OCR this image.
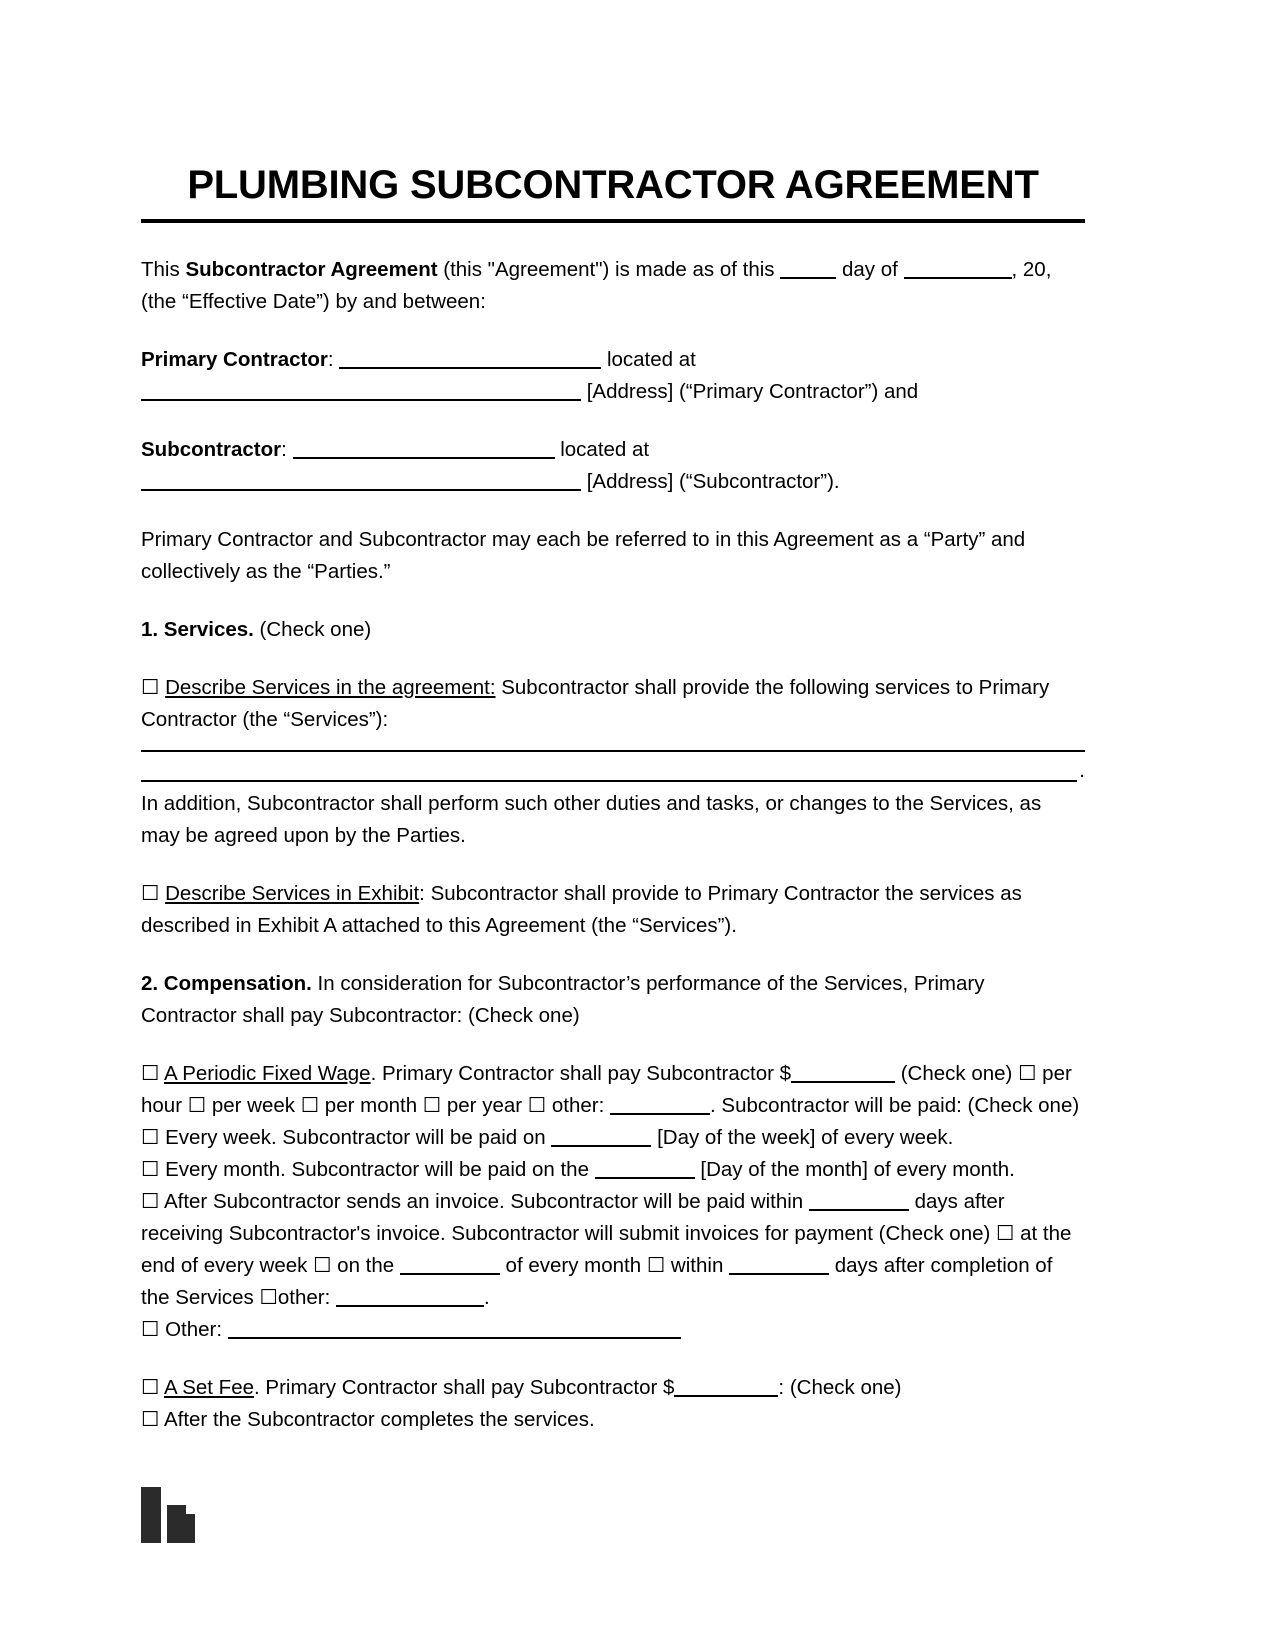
PLUMBING SUBCONTRACTOR AGREEMENT

This Subcontractor Agreement (this "Agreement") is made as of this	day of	, 20, (the “Effective Date”) by and between:

Primary Contractor:	located at
[Address] (“Primary Contractor”) and

Subcontractor:	located at
[Address] (“Subcontractor”).

Primary Contractor and Subcontractor may each be referred to in this Agreement as a “Party” and collectively as the “Parties.”

1. Services. (Check one)

☐ Describe Services in the agreement: Subcontractor shall provide the following services to Primary Contractor (the “Services”):

.

In addition, Subcontractor shall perform such other duties and tasks, or changes to the Services, as may be agreed upon by the Parties.

☐ Describe Services in Exhibit: Subcontractor shall provide to Primary Contractor the services as described in Exhibit A attached to this Agreement (the “Services”).

2. Compensation. In consideration for Subcontractor’s performance of the Services, Primary Contractor shall pay Subcontractor: (Check one)

☐ A Periodic Fixed Wage. Primary Contractor shall pay Subcontractor $	(Check one) ☐ per hour ☐ per week ☐ per month ☐ per year ☐ other:	. Subcontractor will be paid: (Check one)
☐ Every week. Subcontractor will be paid on	[Day of the week] of every week.
☐ Every month. Subcontractor will be paid on the	[Day of the month] of every month.
☐ After Subcontractor sends an invoice. Subcontractor will be paid within	days after receiving Subcontractor's invoice. Subcontractor will submit invoices for payment (Check one) ☐ at the end of every week ☐ on the	of every month ☐ within	days after completion of the Services ☐other:	.
☐ Other:

☐ A Set Fee. Primary Contractor shall pay Subcontractor $	: (Check one)
☐ After the Subcontractor completes the services.
